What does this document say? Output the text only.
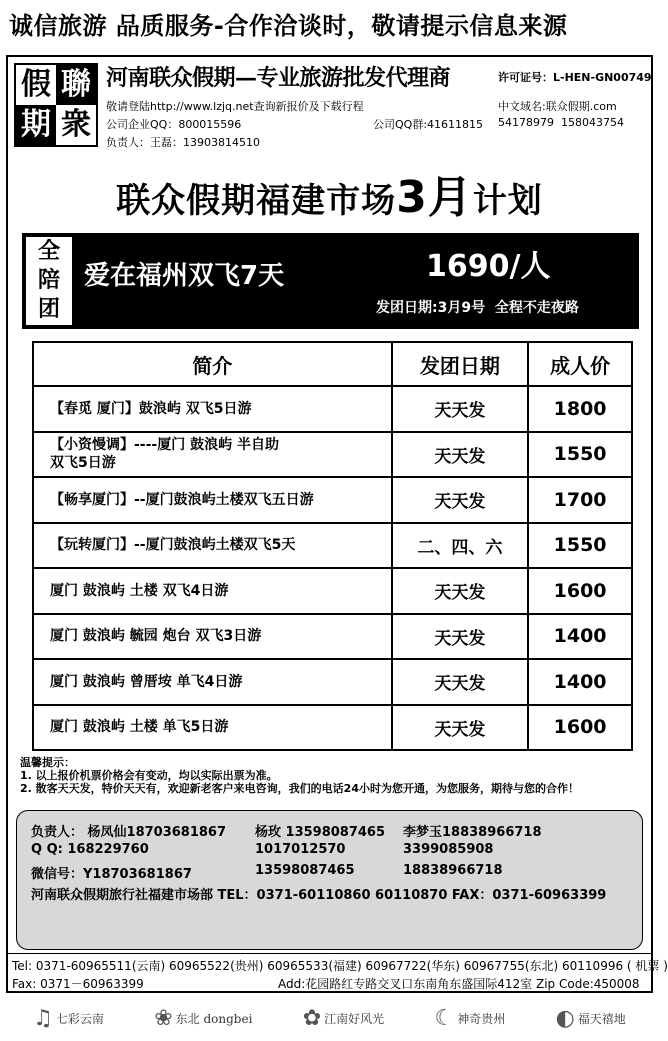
诚信旅游 品质服务-合作洽谈时，敬请提示信息来源
假 聯
期 衆
河南联众假期—专业旅游批发代理商	许可证号：L-HEN-GN00749
敬请登陆http://www.lzjq.net查询新报价及下载行程	中文域名:联众假期.com
公司企业QQ：800015596	公司QQ群:41611815 54178979 158043754
负责人：王磊：13903814510
联众假期福建市场3月计划
全
陪
团
爱在福州双飞7天	1690/人
发团日期:3月9号 全程不走夜路
简介	发团日期	成人价
【春觅 厦门】鼓浪屿 双飞5日游	天天发	1800

【小资慢调】----厦门 鼓浪屿 半自助
双飞5日游	天天发	1550
【畅享厦门】--厦门鼓浪屿土楼双飞五日游	天天发	1700
【玩转厦门】--厦门鼓浪屿土楼双飞5天	二、四、六	1550
厦门 鼓浪屿 土楼 双飞4日游	天天发	1600
厦门 鼓浪屿 毓园 炮台 双飞3日游	天天发	1400
厦门 鼓浪屿 曾厝垵 单飞4日游	天天发	1400
厦门 鼓浪屿 土楼 单飞5日游	天天发	1600
温馨提示：
1. 以上报价机票价格会有变动，均以实际出票为准。
2. 散客天天发，特价天天有，欢迎新老客户来电咨询，我们的电话24小时为您开通，为您服务，期待与您的合作！
负责人： 杨凤仙18703681867 杨玫 13598087465 李梦玉18838966718
Q Q: 168229760	1017012570	3399085908
微信号：Y18703681867	13598087465	18838966718
河南联众假期旅行社福建市场部 TEL：0371-60110860 60110870 FAX：0371-60963399
Tel: 0371-60965511(云南) 60965522(贵州) 60965533(福建) 60967722(华东) 60967755(东北) 60110996 ( 机票 )
Fax: 0371－60963399	Add:花园路红专路交叉口东南角东盛国际412室 Zip Code:450008
♫ 七彩云南 ❀ 东北 dongbei ✿ 江南好风光 ☾ 神奇贵州 ◐ 福天禧地
